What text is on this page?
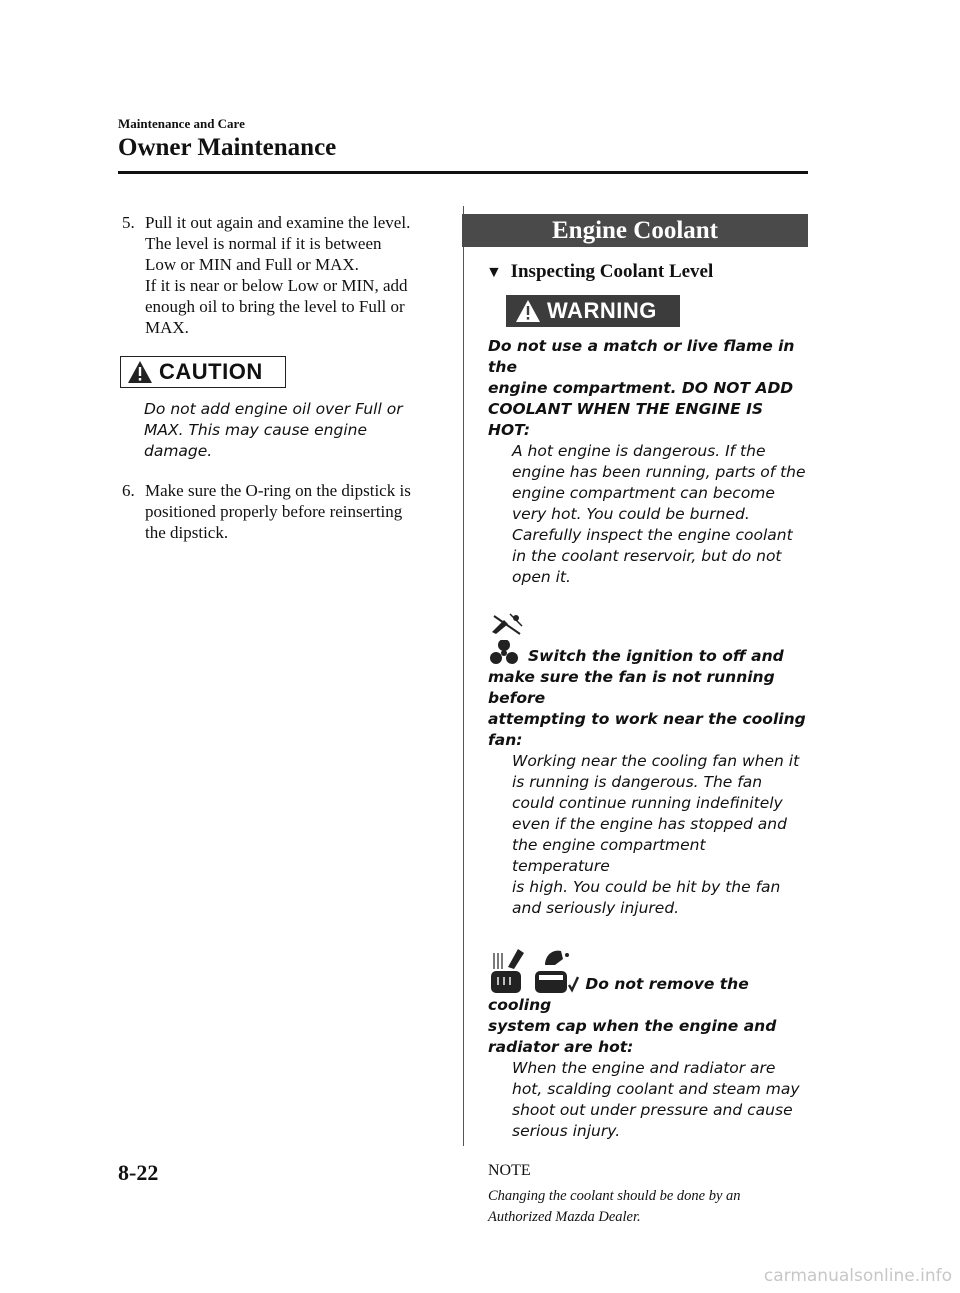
Maintenance and Care
Owner Maintenance
5. Pull it out again and examine the level.

The level is normal if it is between

Low or MIN and Full or MAX.

If it is near or below Low or MIN, add

enough oil to bring the level to Full or

MAX.

CAUTION

Do not add engine oil over Full or

MAX. This may cause engine

damage.

6. Make sure the O-ring on the dipstick is

positioned properly before reinserting

the dipstick.

Engine Coolant
▼ Inspecting Coolant Level
WARNING

Do not use a match or live flame in the

engine compartment. DO NOT ADD

COOLANT WHEN THE ENGINE IS HOT:

A hot engine is dangerous. If the

engine has been running, parts of the

engine compartment can become

very hot. You could be burned.

Carefully inspect the engine coolant

in the coolant reservoir, but do not

open it.

Switch the ignition to off and

make sure the fan is not running before

attempting to work near the cooling

fan:

Working near the cooling fan when it

is running is dangerous. The fan

could continue running indefinitely

even if the engine has stopped and

the engine compartment temperature

is high. You could be hit by the fan

and seriously injured.

Do not remove the cooling

system cap when the engine and

radiator are hot:

When the engine and radiator are

hot, scalding coolant and steam may

shoot out under pressure and cause

serious injury.

NOTE
Changing the coolant should be done by an
Authorized Mazda Dealer.
8-22
carmanualsonline.info
